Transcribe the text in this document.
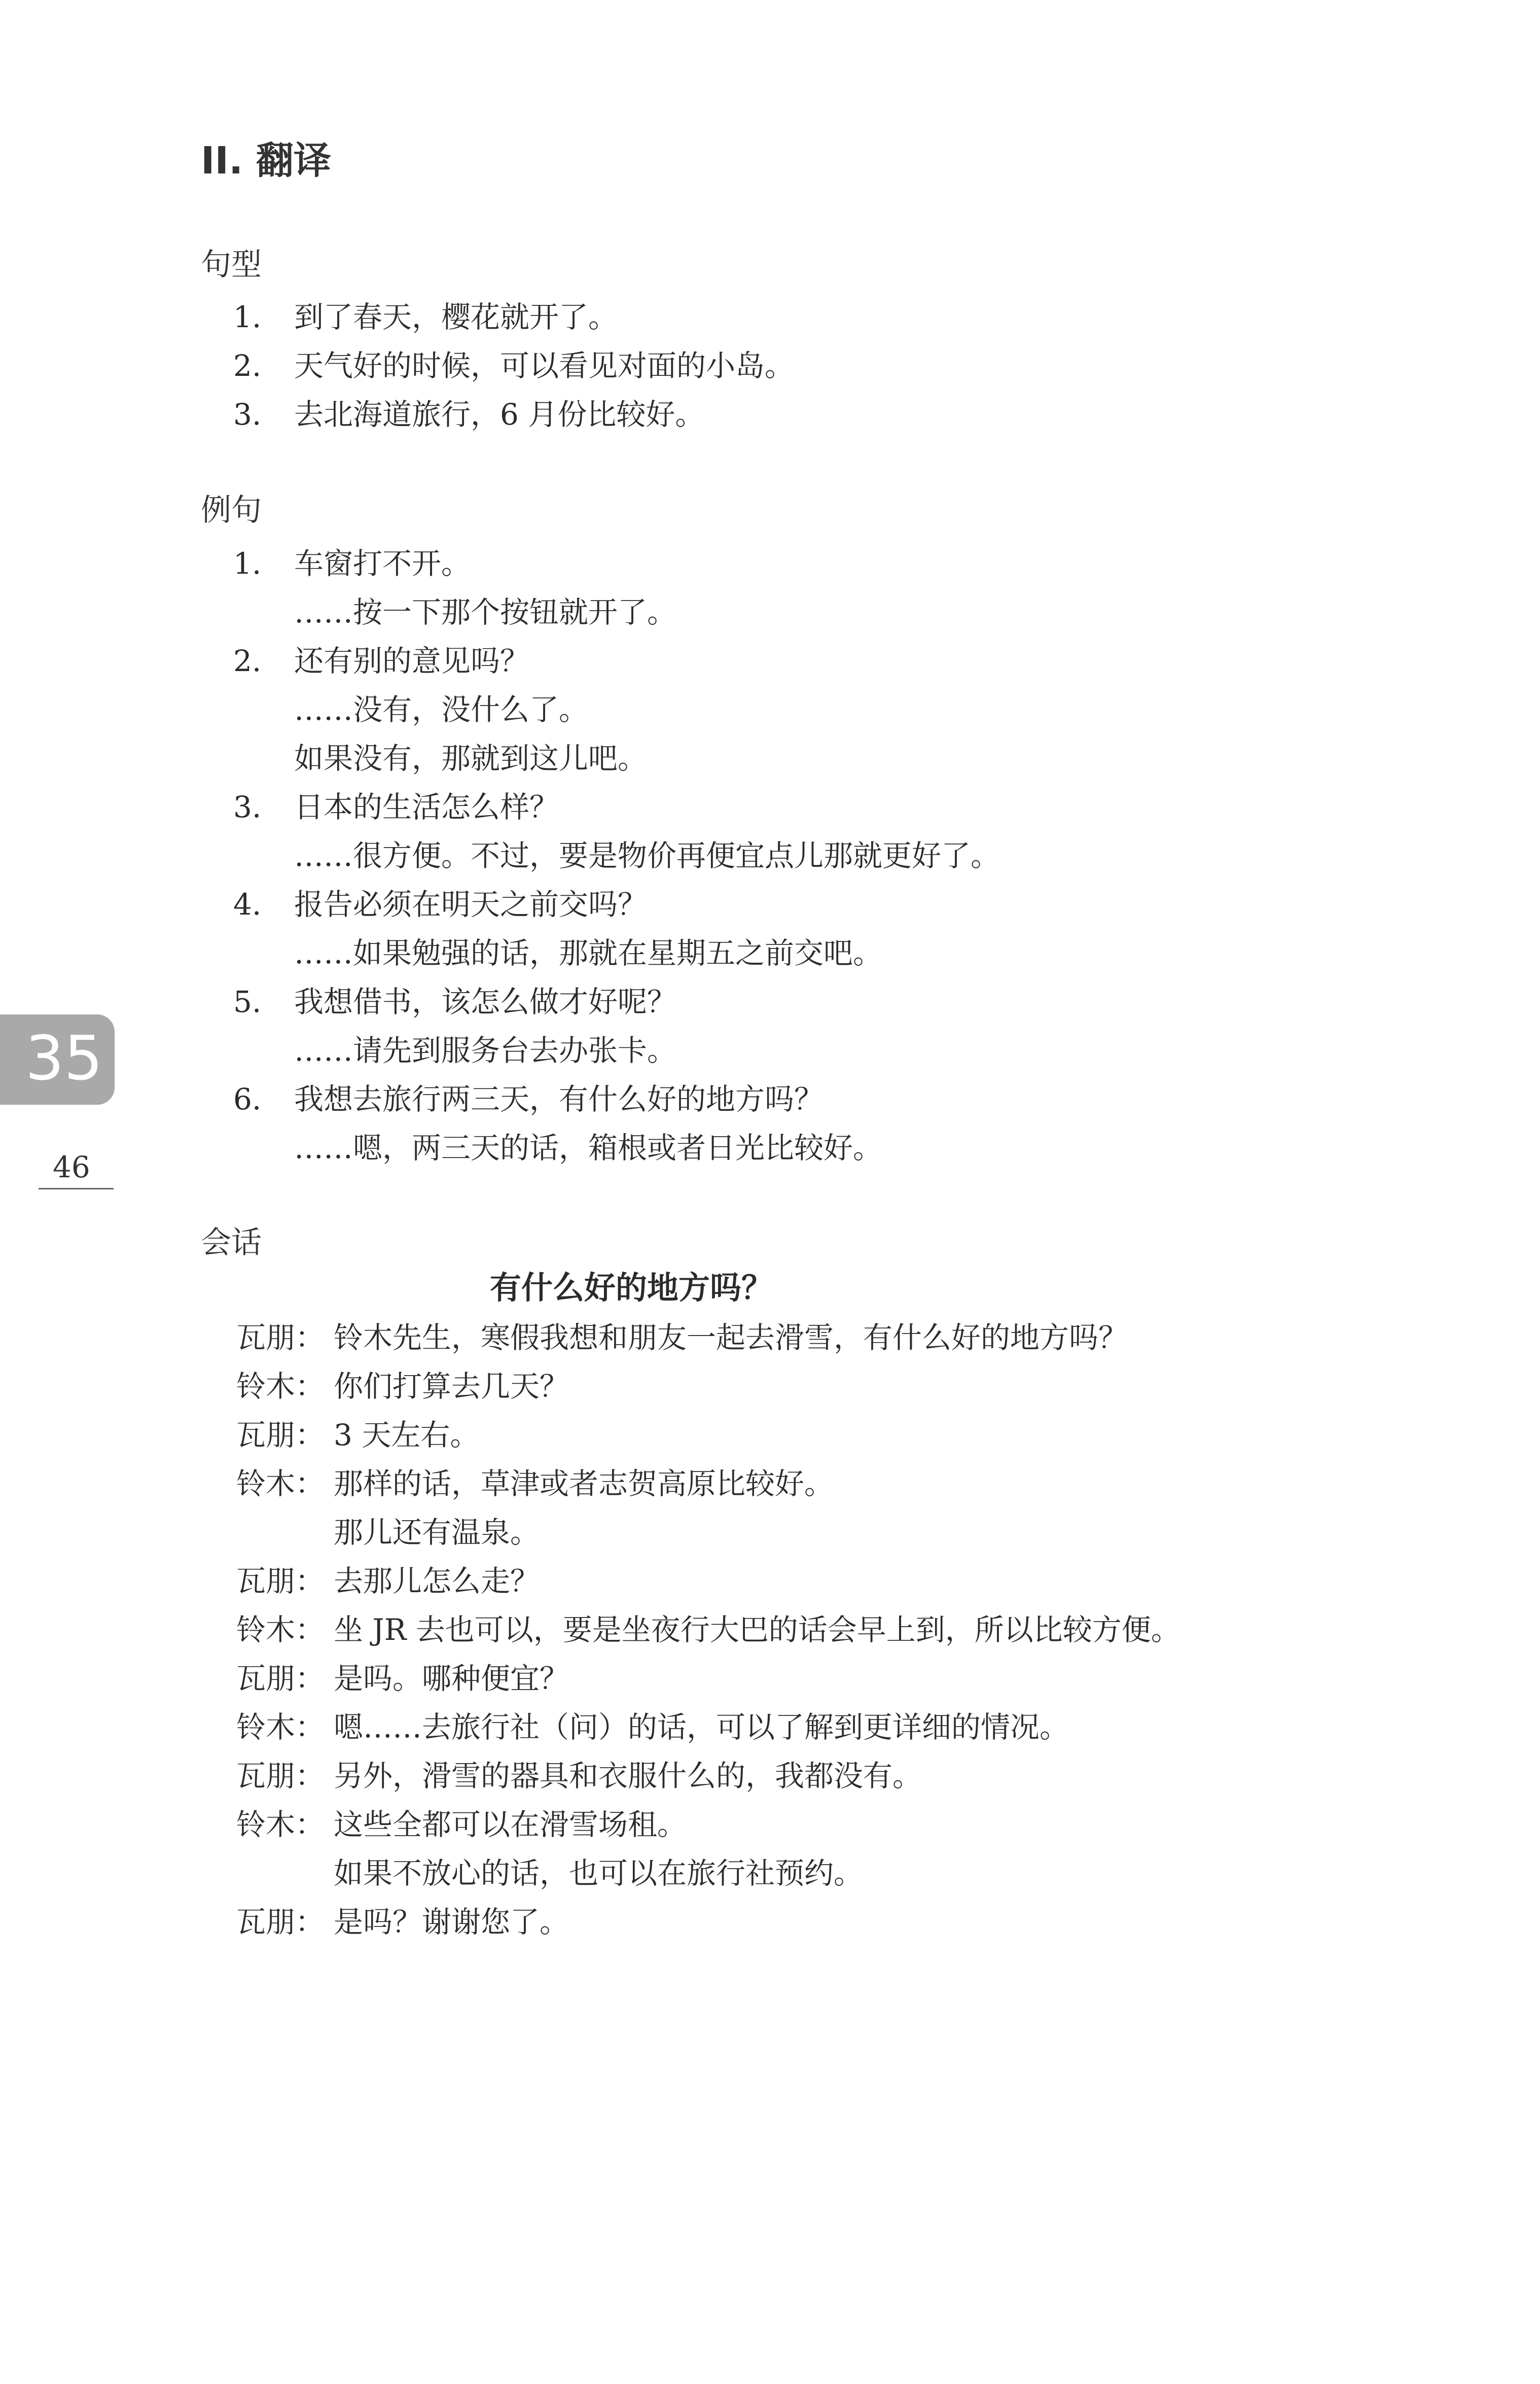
II. 翻译
句型
1. 到了春天，樱花就开了。
2. 天气好的时候，可以看见对面的小岛。
3. 去北海道旅行，6 月份比较好。
例句
1. 车窗打不开。
……按一下那个按钮就开了。
2. 还有别的意见吗？
……没有，没什么了。
如果没有，那就到这儿吧。
3. 日本的生活怎么样？
……很方便。不过，要是物价再便宜点儿那就更好了。
4. 报告必须在明天之前交吗？
……如果勉强的话，那就在星期五之前交吧。
5. 我想借书，该怎么做才好呢？
……请先到服务台去办张卡。
6. 我想去旅行两三天，有什么好的地方吗？
……嗯，两三天的话，箱根或者日光比较好。
会话
有什么好的地方吗？
瓦朋： 铃木先生，寒假我想和朋友一起去滑雪，有什么好的地方吗？
铃木： 你们打算去几天？
瓦朋： 3 天左右。
铃木： 那样的话，草津或者志贺高原比较好。
那儿还有温泉。
瓦朋： 去那儿怎么走？
铃木： 坐 JR 去也可以，要是坐夜行大巴的话会早上到，所以比较方便。
瓦朋： 是吗。哪种便宜？
铃木： 嗯……去旅行社（问）的话，可以了解到更详细的情况。
瓦朋： 另外，滑雪的器具和衣服什么的，我都没有。
铃木： 这些全都可以在滑雪场租。
如果不放心的话，也可以在旅行社预约。
瓦朋： 是吗？谢谢您了。
35
46
